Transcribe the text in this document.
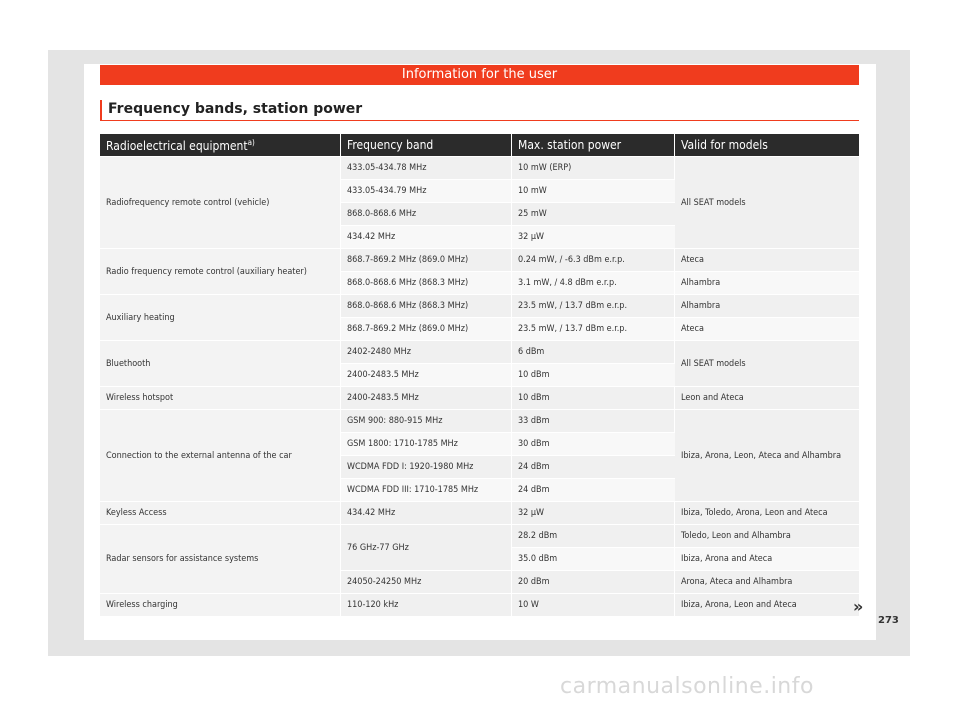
Information for the user
Frequency bands, station power
Radioelectrical equipment$^{a)}$	Frequency band	Max. station power	Valid for models
Radiofrequency remote control (vehicle)	433.05-434.78 MHz	10 mW (ERP)	All SEAT models
	433.05-434.79 MHz	10 mW	
	868.0-868.6 MHz	25 mW	
	434.42 MHz	32 µW	
Radio frequency remote control (auxiliary heater)	868.7-869.2 MHz (869.0 MHz)	0.24 mW, / -6.3 dBm e.r.p.	Ateca
	868.0-868.6 MHz (868.3 MHz)	3.1 mW, / 4.8 dBm e.r.p.	Alhambra
Auxiliary heating	868.0-868.6 MHz (868.3 MHz)	23.5 mW, / 13.7 dBm e.r.p.	Alhambra
	868.7-869.2 MHz (869.0 MHz)	23.5 mW, / 13.7 dBm e.r.p.	Ateca
Bluethooth	2402-2480 MHz	6 dBm	All SEAT models
	2400-2483.5 MHz	10 dBm	
Wireless hotspot	2400-2483.5 MHz	10 dBm	Leon and Ateca
Connection to the external antenna of the car	GSM 900: 880-915 MHz	33 dBm	Ibiza, Arona, Leon, Ateca and Alhambra
	GSM 1800: 1710-1785 MHz	30 dBm	
	WCDMA FDD I: 1920-1980 MHz	24 dBm	
	WCDMA FDD III: 1710-1785 MHz	24 dBm	
Keyless Access	434.42 MHz	32 µW	Ibiza, Toledo, Arona, Leon and Ateca
Radar sensors for assistance systems	76 GHz-77 GHz	28.2 dBm	Toledo, Leon and Alhambra
		35.0 dBm	Ibiza, Arona and Ateca
	24050-24250 MHz	20 dBm	Arona, Ateca and Alhambra
Wireless charging	110-120 kHz	10 W	Ibiza, Arona, Leon and Ateca	»
273
carmanualsonline.info
